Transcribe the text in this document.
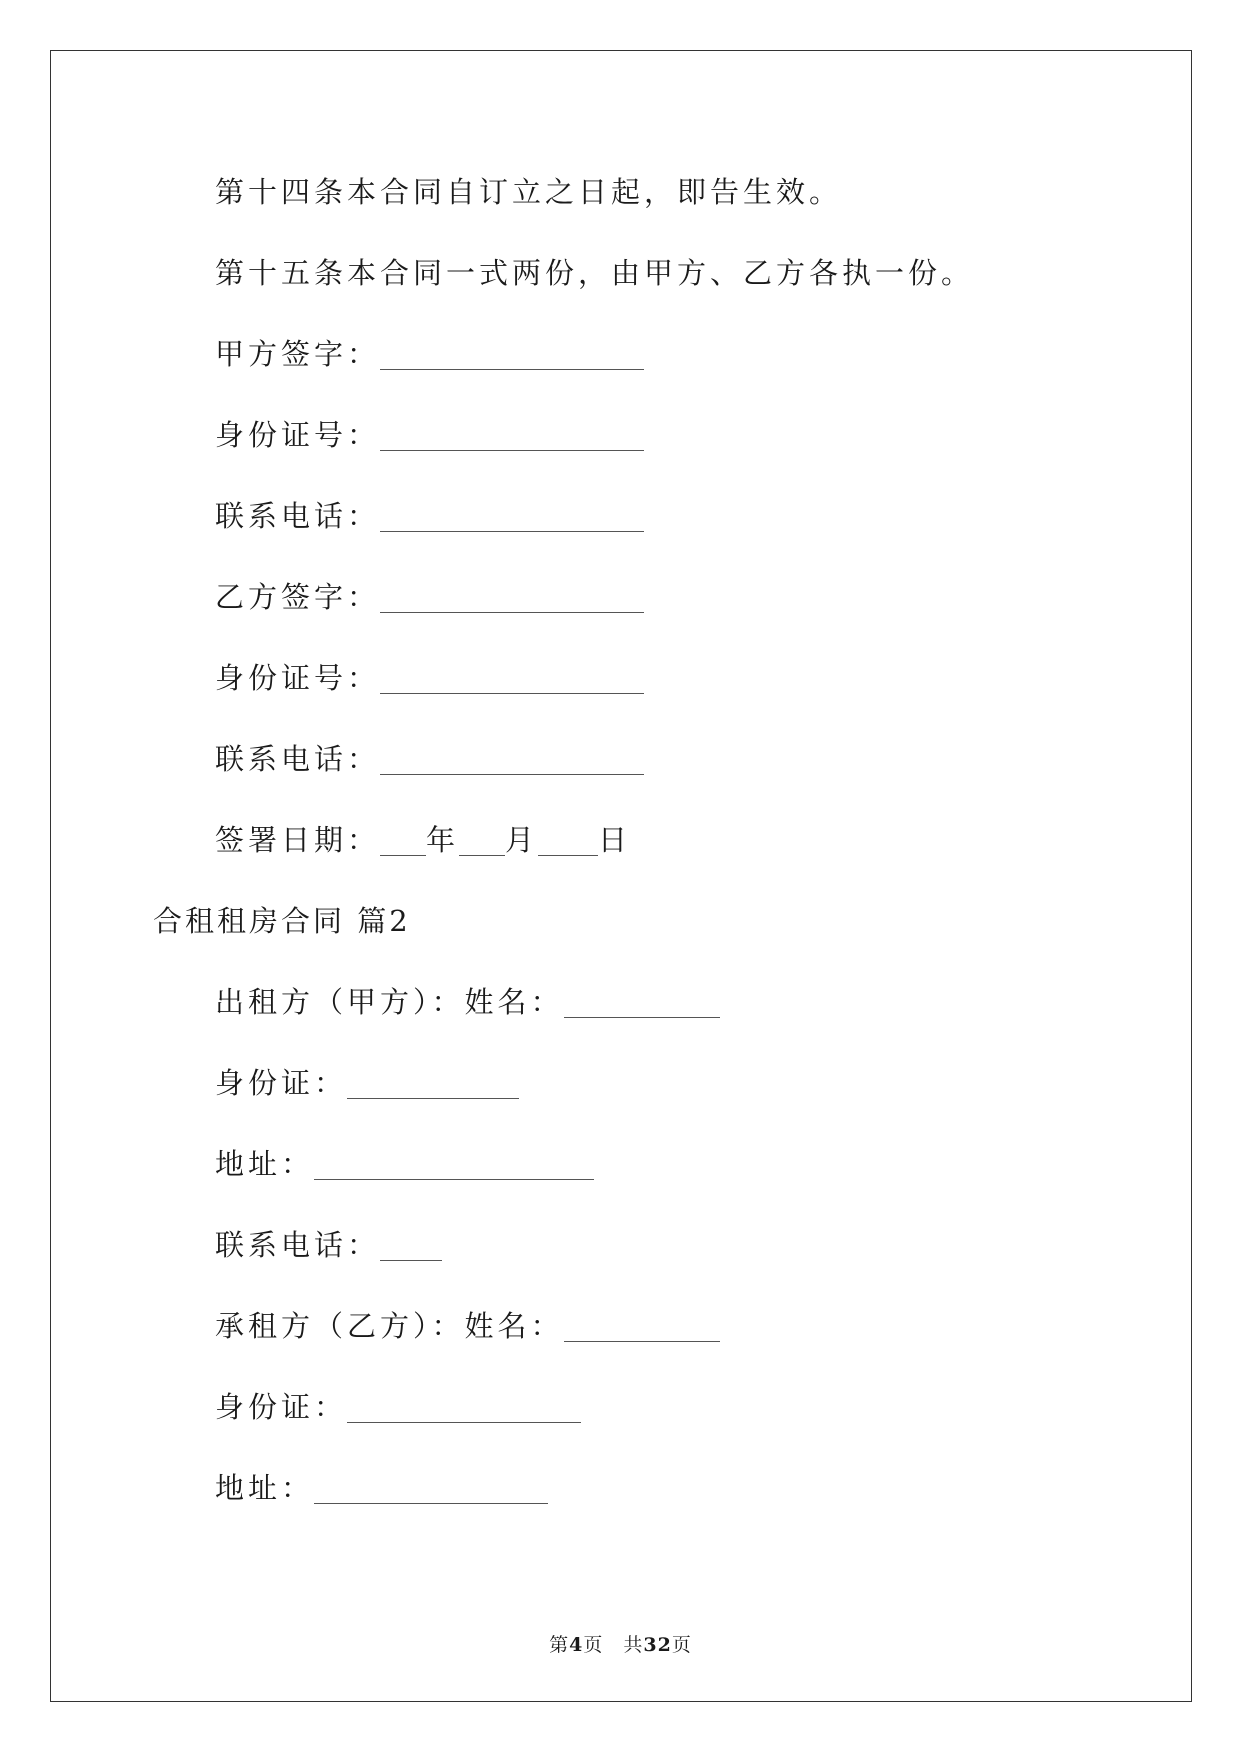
第十四条本合同自订立之日起，即告生效。
第十五条本合同一式两份，由甲方、乙方各执一份。
甲方签字：
身份证号：
联系电话：
乙方签字：
身份证号：
联系电话：
签署日期： 年 月 日
合租租房合同 篇2
出租方（甲方）：姓名：
身份证：
地址：
联系电话：
承租方（乙方）：姓名：
身份证：
地址：
第4页　共32页
